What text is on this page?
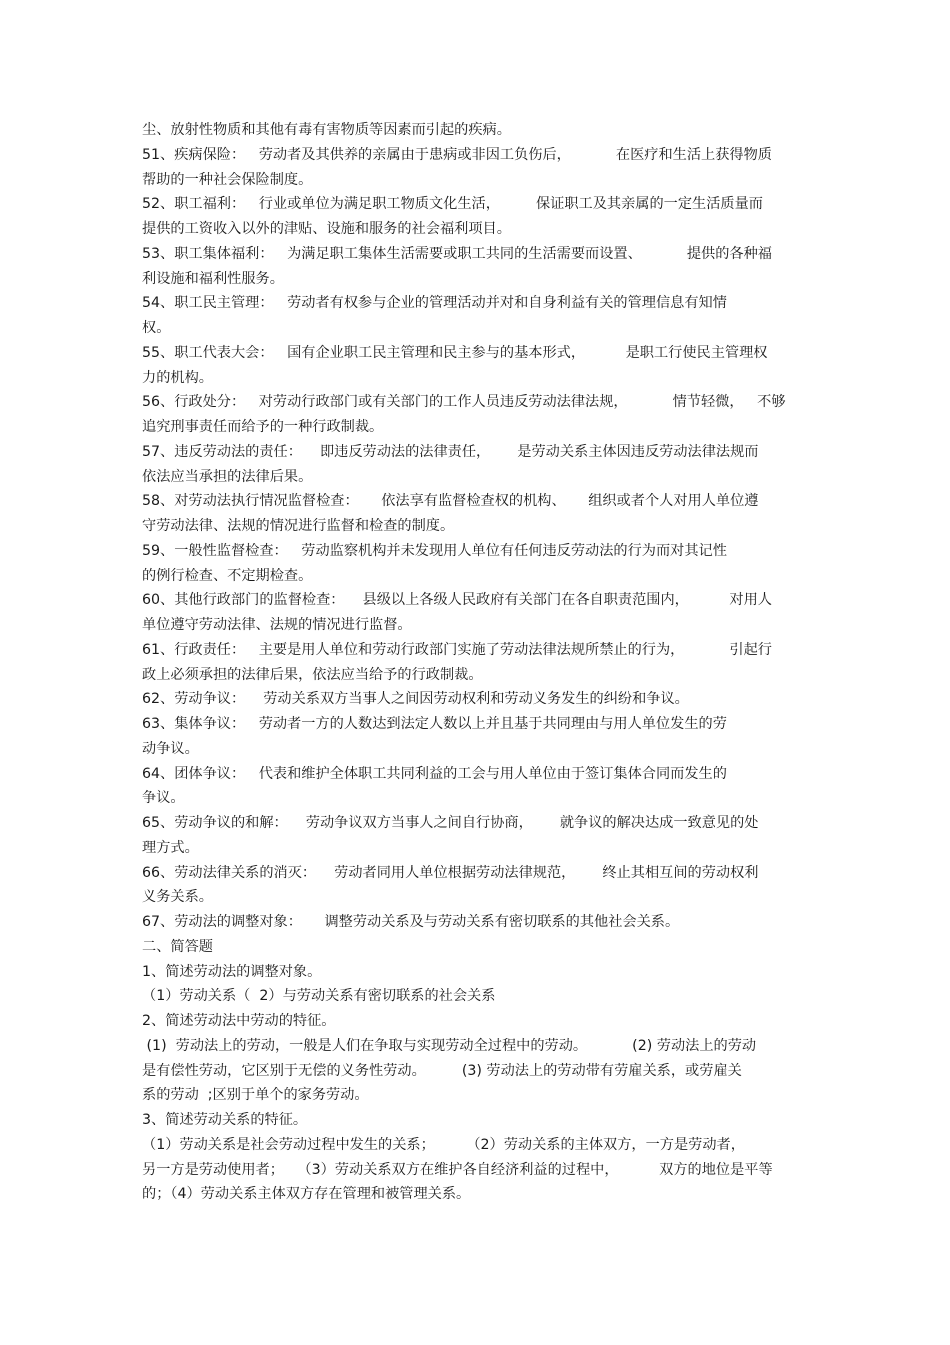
尘、放射性物质和其他有毒有害物质等因素而引起的疾病。
51、疾病保险：   劳动者及其供养的亲属由于患病或非因工负伤后，          在医疗和生活上获得物质
帮助的一种社会保险制度。
52、职工福利：   行业或单位为满足职工物质文化生活，        保证职工及其亲属的一定生活质量而
提供的工资收入以外的津贴、设施和服务的社会福利项目。
53、职工集体福利：   为满足职工集体生活需要或职工共同的生活需要而设置、          提供的各种福
利设施和福利性服务。
54、职工民主管理：   劳动者有权参与企业的管理活动并对和自身利益有关的管理信息有知情
权。
55、职工代表大会：   国有企业职工民主管理和民主参与的基本形式，         是职工行使民主管理权
力的机构。
56、行政处分：   对劳动行政部门或有关部门的工作人员违反劳动法律法规，          情节轻微，   不够
追究刑事责任而给予的一种行政制裁。
57、违反劳动法的责任：    即违反劳动法的法律责任，      是劳动关系主体因违反劳动法律法规而
依法应当承担的法律后果。
58、对劳动法执行情况监督检查：     依法享有监督检查权的机构、     组织或者个人对用人单位遵
守劳动法律、法规的情况进行监督和检查的制度。
59、一般性监督检查：   劳动监察机构并未发现用人单位有任何违反劳动法的行为而对其记性
的例行检查、不定期检查。
60、其他行政部门的监督检查：    县级以上各级人民政府有关部门在各自职责范围内，         对用人
单位遵守劳动法律、法规的情况进行监督。
61、行政责任：   主要是用人单位和劳动行政部门实施了劳动法律法规所禁止的行为，          引起行
政上必须承担的法律后果，依法应当给予的行政制裁。
62、劳动争议：    劳动关系双方当事人之间因劳动权利和劳动义务发生的纠纷和争议。
63、集体争议：   劳动者一方的人数达到法定人数以上并且基于共同理由与用人单位发生的劳
动争议。
64、团体争议：   代表和维护全体职工共同利益的工会与用人单位由于签订集体合同而发生的
争议。
65、劳动争议的和解：    劳动争议双方当事人之间自行协商，      就争议的解决达成一致意见的处
理方式。
66、劳动法律关系的消灭：    劳动者同用人单位根据劳动法律规范，      终止其相互间的劳动权利
义务关系。
67、劳动法的调整对象：     调整劳动关系及与劳动关系有密切联系的其他社会关系。
二、简答题
1、简述劳动法的调整对象。
（1）劳动关系（  2）与劳动关系有密切联系的社会关系
2、简述劳动法中劳动的特征。
(1)  劳动法上的劳动，一般是人们在争取与实现劳动全过程中的劳动。          (2) 劳动法上的劳动
是有偿性劳动，它区别于无偿的义务性劳动。        (3) 劳动法上的劳动带有劳雇关系，或劳雇关
系的劳动  ;区别于单个的家务劳动。
3、简述劳动关系的特征。
（1）劳动关系是社会劳动过程中发生的关系；       （2）劳动关系的主体双方，一方是劳动者，
另一方是劳动使用者；   （3）劳动关系双方在维护各自经济利益的过程中，         双方的地位是平等
的；（4）劳动关系主体双方存在管理和被管理关系。
